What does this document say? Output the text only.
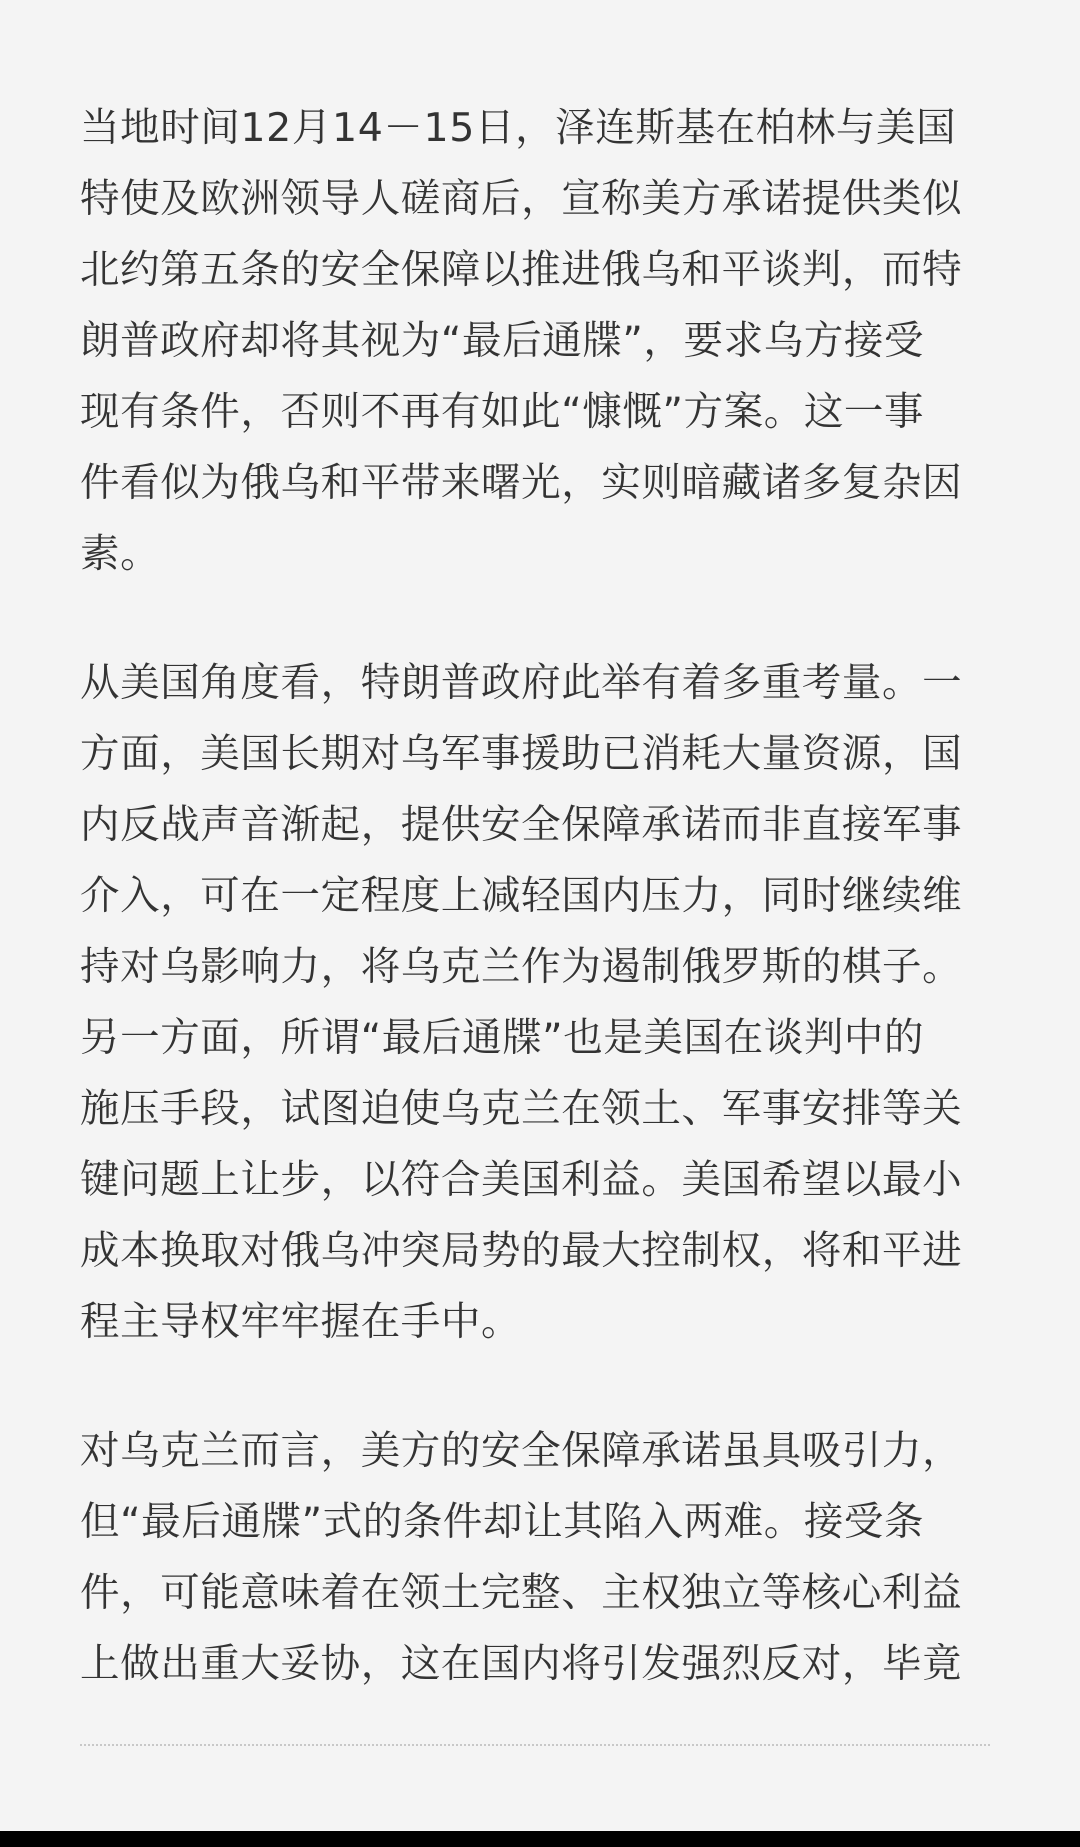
当地时间12月14－15日，泽连斯基在柏林与美国
特使及欧洲领导人磋商后，宣称美方承诺提供类似
北约第五条的安全保障以推进俄乌和平谈判，而特
朗普政府却将其视为“最后通牒”，要求乌方接受
现有条件，否则不再有如此“慷慨”方案。这一事
件看似为俄乌和平带来曙光，实则暗藏诸多复杂因
素。

从美国角度看，特朗普政府此举有着多重考量。一
方面，美国长期对乌军事援助已消耗大量资源，国
内反战声音渐起，提供安全保障承诺而非直接军事
介入，可在一定程度上减轻国内压力，同时继续维
持对乌影响力，将乌克兰作为遏制俄罗斯的棋子。
另一方面，所谓“最后通牒”也是美国在谈判中的
施压手段，试图迫使乌克兰在领土、军事安排等关
键问题上让步，以符合美国利益。美国希望以最小
成本换取对俄乌冲突局势的最大控制权，将和平进
程主导权牢牢握在手中。

对乌克兰而言，美方的安全保障承诺虽具吸引力，
但“最后通牒”式的条件却让其陷入两难。接受条
件，可能意味着在领土完整、主权独立等核心利益
上做出重大妥协，这在国内将引发强烈反对，毕竟
